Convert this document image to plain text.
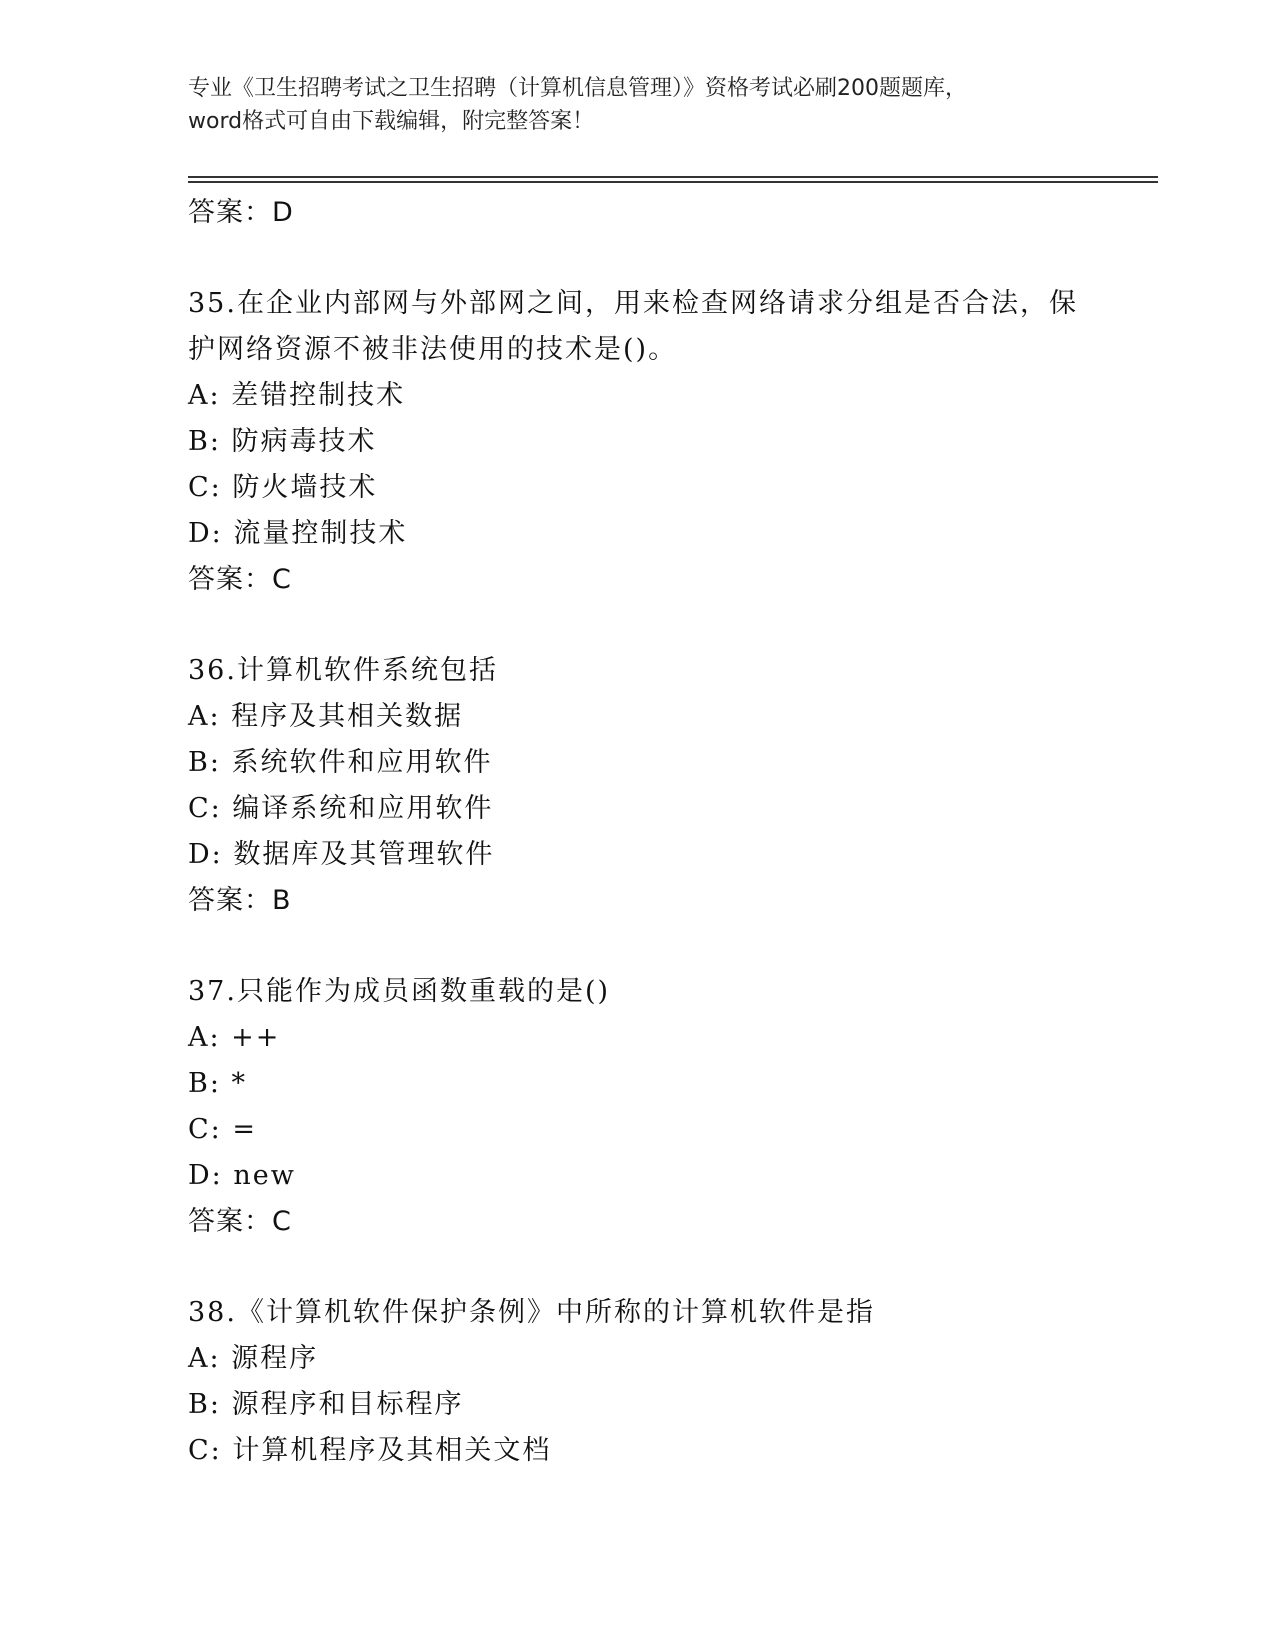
专业《卫生招聘考试之卫生招聘（计算机信息管理）》资格考试必刷200题题库，
word格式可自由下载编辑，附完整答案！
答案：D
35.在企业内部网与外部网之间，用来检查网络请求分组是否合法，保
护网络资源不被非法使用的技术是()。
A: 差错控制技术
B: 防病毒技术
C: 防火墙技术
D: 流量控制技术
答案：C
36.计算机软件系统包括
A: 程序及其相关数据
B: 系统软件和应用软件
C: 编译系统和应用软件
D: 数据库及其管理软件
答案：B
37.只能作为成员函数重载的是()
A: ++
B: *
C: =
D: new
答案：C
38.《计算机软件保护条例》中所称的计算机软件是指
A: 源程序
B: 源程序和目标程序
C: 计算机程序及其相关文档
